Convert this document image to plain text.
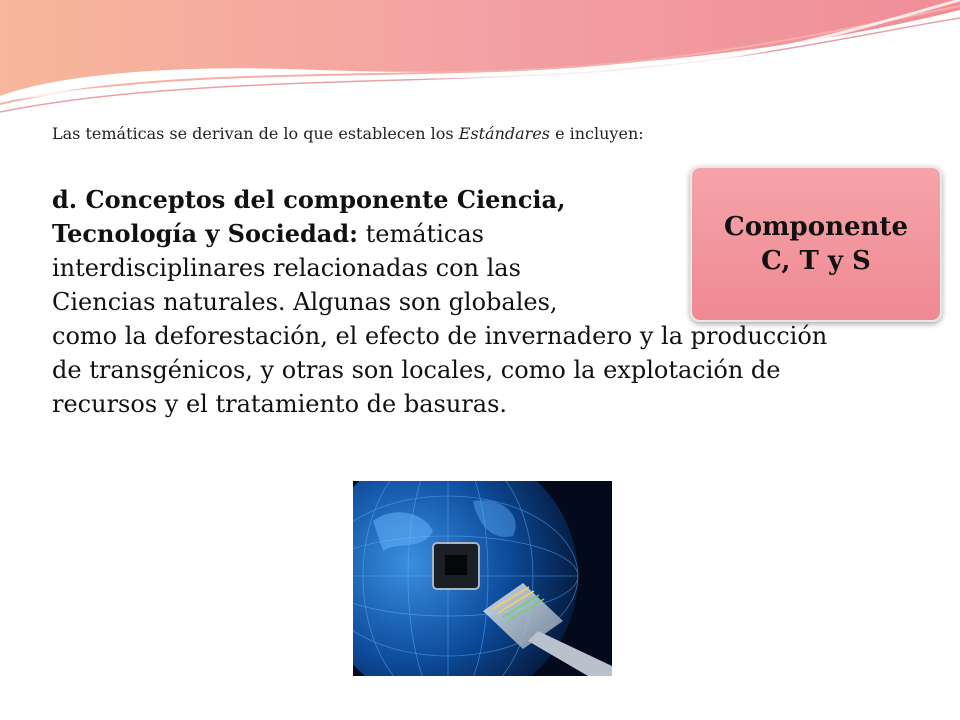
Las temáticas se derivan de lo que establecen los Estándares e incluyen:
d. Conceptos del componente Ciencia,
Tecnología y Sociedad: temáticas
interdisciplinares relacionadas con las
Ciencias naturales. Algunas son globales,
como la deforestación, el efecto de invernadero y la producción
de transgénicos, y otras son locales, como la explotación de
recursos y el tratamiento de basuras.
Componente
C, T y S
